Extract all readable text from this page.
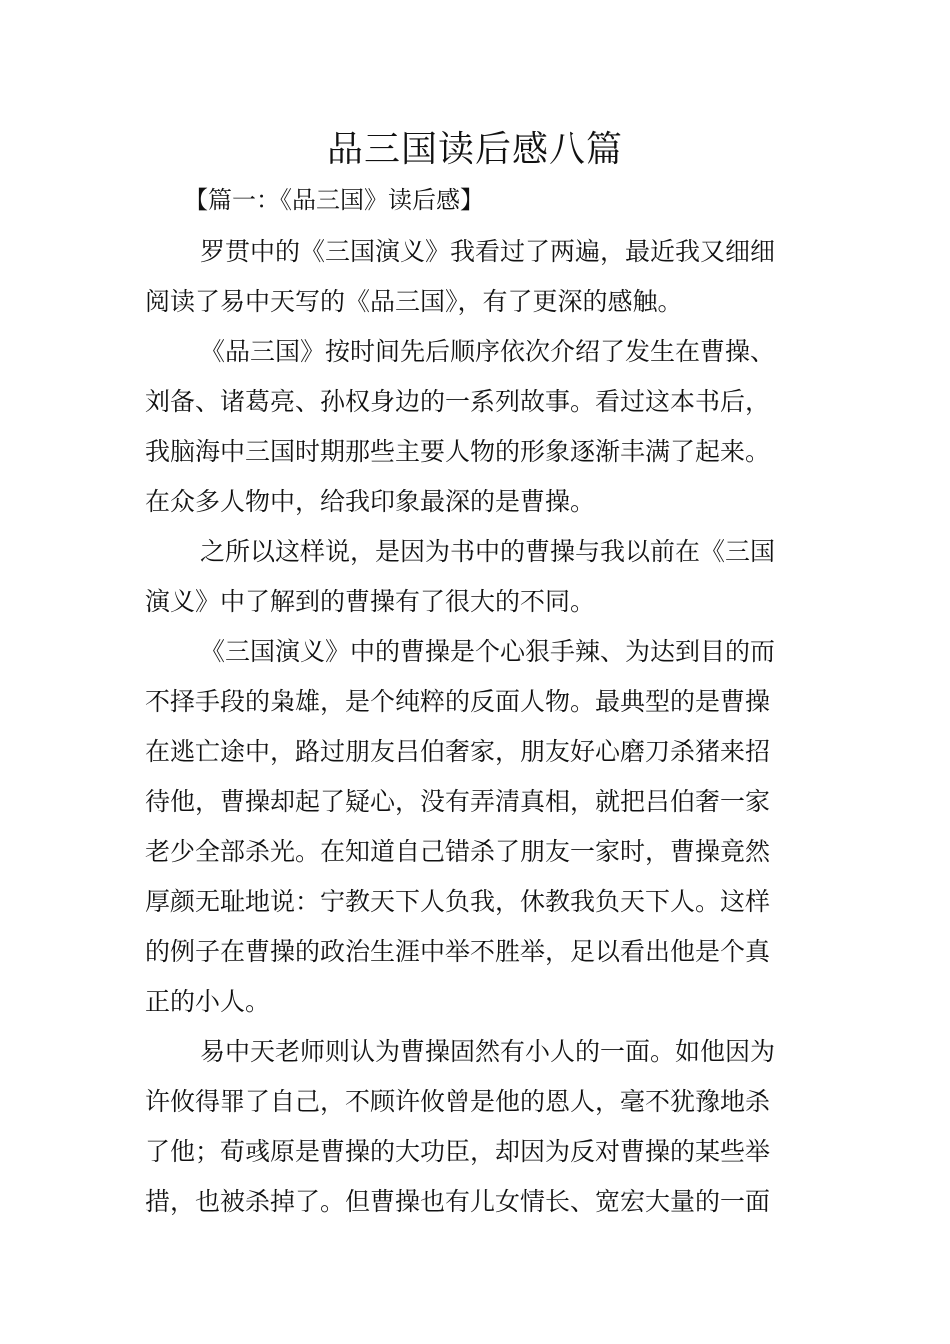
品三国读后感八篇
【篇一：《品三国》读后感】

罗贯中的《三国演义》我看过了两遍，最近我又细细
阅读了易中天写的《品三国》，有了更深的感触。

《品三国》按时间先后顺序依次介绍了发生在曹操、
刘备、诸葛亮、孙权身边的一系列故事。看过这本书后，
我脑海中三国时期那些主要人物的形象逐渐丰满了起来。
在众多人物中，给我印象最深的是曹操。

之所以这样说，是因为书中的曹操与我以前在《三国
演义》中了解到的曹操有了很大的不同。

《三国演义》中的曹操是个心狠手辣、为达到目的而
不择手段的枭雄，是个纯粹的反面人物。最典型的是曹操
在逃亡途中，路过朋友吕伯奢家，朋友好心磨刀杀猪来招
待他，曹操却起了疑心，没有弄清真相，就把吕伯奢一家
老少全部杀光。在知道自己错杀了朋友一家时，曹操竟然
厚颜无耻地说：宁教天下人负我，休教我负天下人。这样
的例子在曹操的政治生涯中举不胜举，足以看出他是个真
正的小人。

易中天老师则认为曹操固然有小人的一面。如他因为
许攸得罪了自己，不顾许攸曾是他的恩人，毫不犹豫地杀
了他；荀彧原是曹操的大功臣，却因为反对曹操的某些举
措，也被杀掉了。但曹操也有儿女情长、宽宏大量的一面
